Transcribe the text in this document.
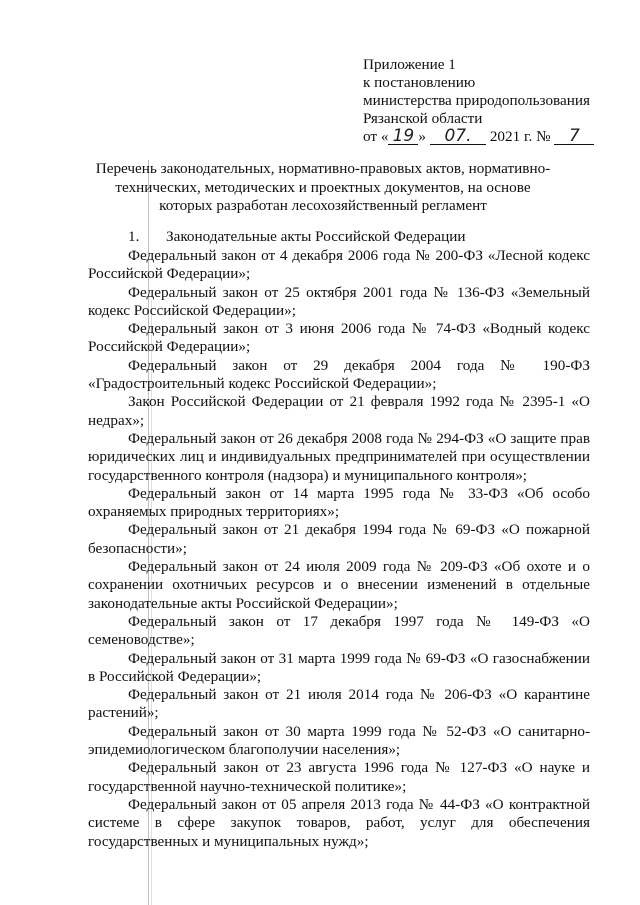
Приложение 1
к постановлению
министерства природопользования
Рязанской области
от « 19 » 07. 2021 г. № 7
Перечень законодательных, нормативно-правовых актов, нормативно-технических, методических и проектных документов, на основе которых разработан лесохозяйственный регламент
1.       Законодательные акты Российской Федерации

Федеральный закон от 4 декабря 2006 года № 200-ФЗ «Лесной кодекс Российской Федерации»;

Федеральный закон от 25 октября 2001 года № 136-ФЗ «Земельный кодекс Российской Федерации»;

Федеральный закон от 3 июня 2006 года № 74-ФЗ «Водный кодекс Российской Федерации»;

Федеральный закон от 29 декабря 2004 года № 190-ФЗ «Градостроительный кодекс Российской Федерации»;

Закон Российской Федерации от 21 февраля 1992 года № 2395-1 «О недрах»;

Федеральный закон от 26 декабря 2008 года № 294-ФЗ «О защите прав юридических лиц и индивидуальных предпринимателей при осуществлении государственного контроля (надзора) и муниципального контроля»;

Федеральный закон от 14 марта 1995 года № 33-ФЗ «Об особо охраняемых природных территориях»;

Федеральный закон от 21 декабря 1994 года № 69-ФЗ «О пожарной безопасности»;

Федеральный закон от 24 июля 2009 года № 209-ФЗ «Об охоте и о сохранении охотничьих ресурсов и о внесении изменений в отдельные законодательные акты Российской Федерации»;

Федеральный закон от 17 декабря 1997 года № 149-ФЗ «О семеноводстве»;

Федеральный закон от 31 марта 1999 года № 69-ФЗ «О газоснабжении в Российской Федерации»;

Федеральный закон от 21 июля 2014 года № 206-ФЗ «О карантине растений»;

Федеральный закон от 30 марта 1999 года № 52-ФЗ «О санитарно-эпидемиологическом благополучии населения»;

Федеральный закон от 23 августа 1996 года № 127-ФЗ «О науке и государственной научно-технической политике»;

Федеральный закон от 05 апреля 2013 года № 44-ФЗ «О контрактной системе в сфере закупок товаров, работ, услуг для обеспечения государственных и муниципальных нужд»;
